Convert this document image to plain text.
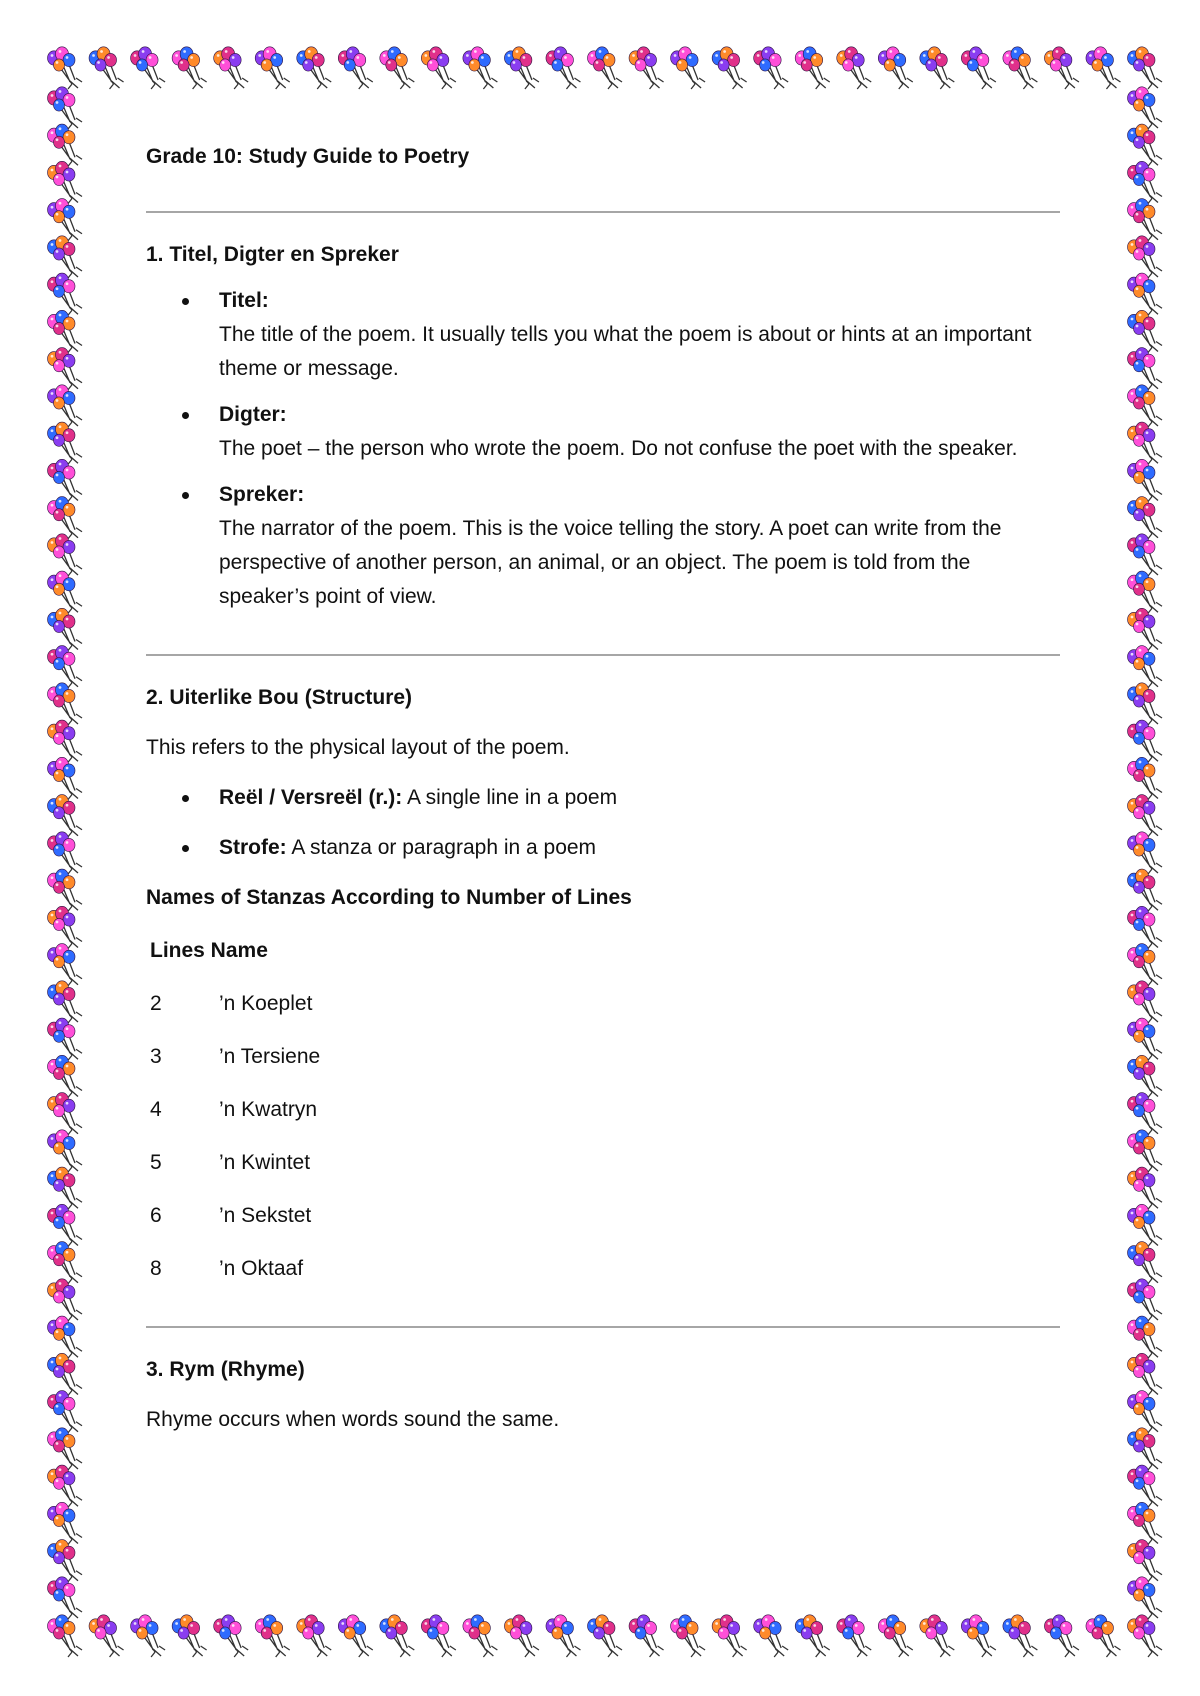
Grade 10: Study Guide to Poetry

1. Titel, Digter en Spreker

Titel:
The title of the poem. It usually tells you what the poem is about or hints at an important theme or message.
Digter:
The poet – the person who wrote the poem. Do not confuse the poet with the speaker.
Spreker:
The narrator of the poem. This is the voice telling the story. A poet can write from the perspective of another person, an animal, or an object. The poem is told from the speaker’s point of view.

2. Uiterlike Bou (Structure)

This refers to the physical layout of the poem.

Reël / Versreël (r.): A single line in a poem
Strofe: A stanza or paragraph in a poem

Names of Stanzas According to Number of Lines

Lines Name

2	’n Koeplet
3	’n Tersiene
4	’n Kwatryn
5	’n Kwintet
6	’n Sekstet
8	’n Oktaaf

3. Rym (Rhyme)

Rhyme occurs when words sound the same.
